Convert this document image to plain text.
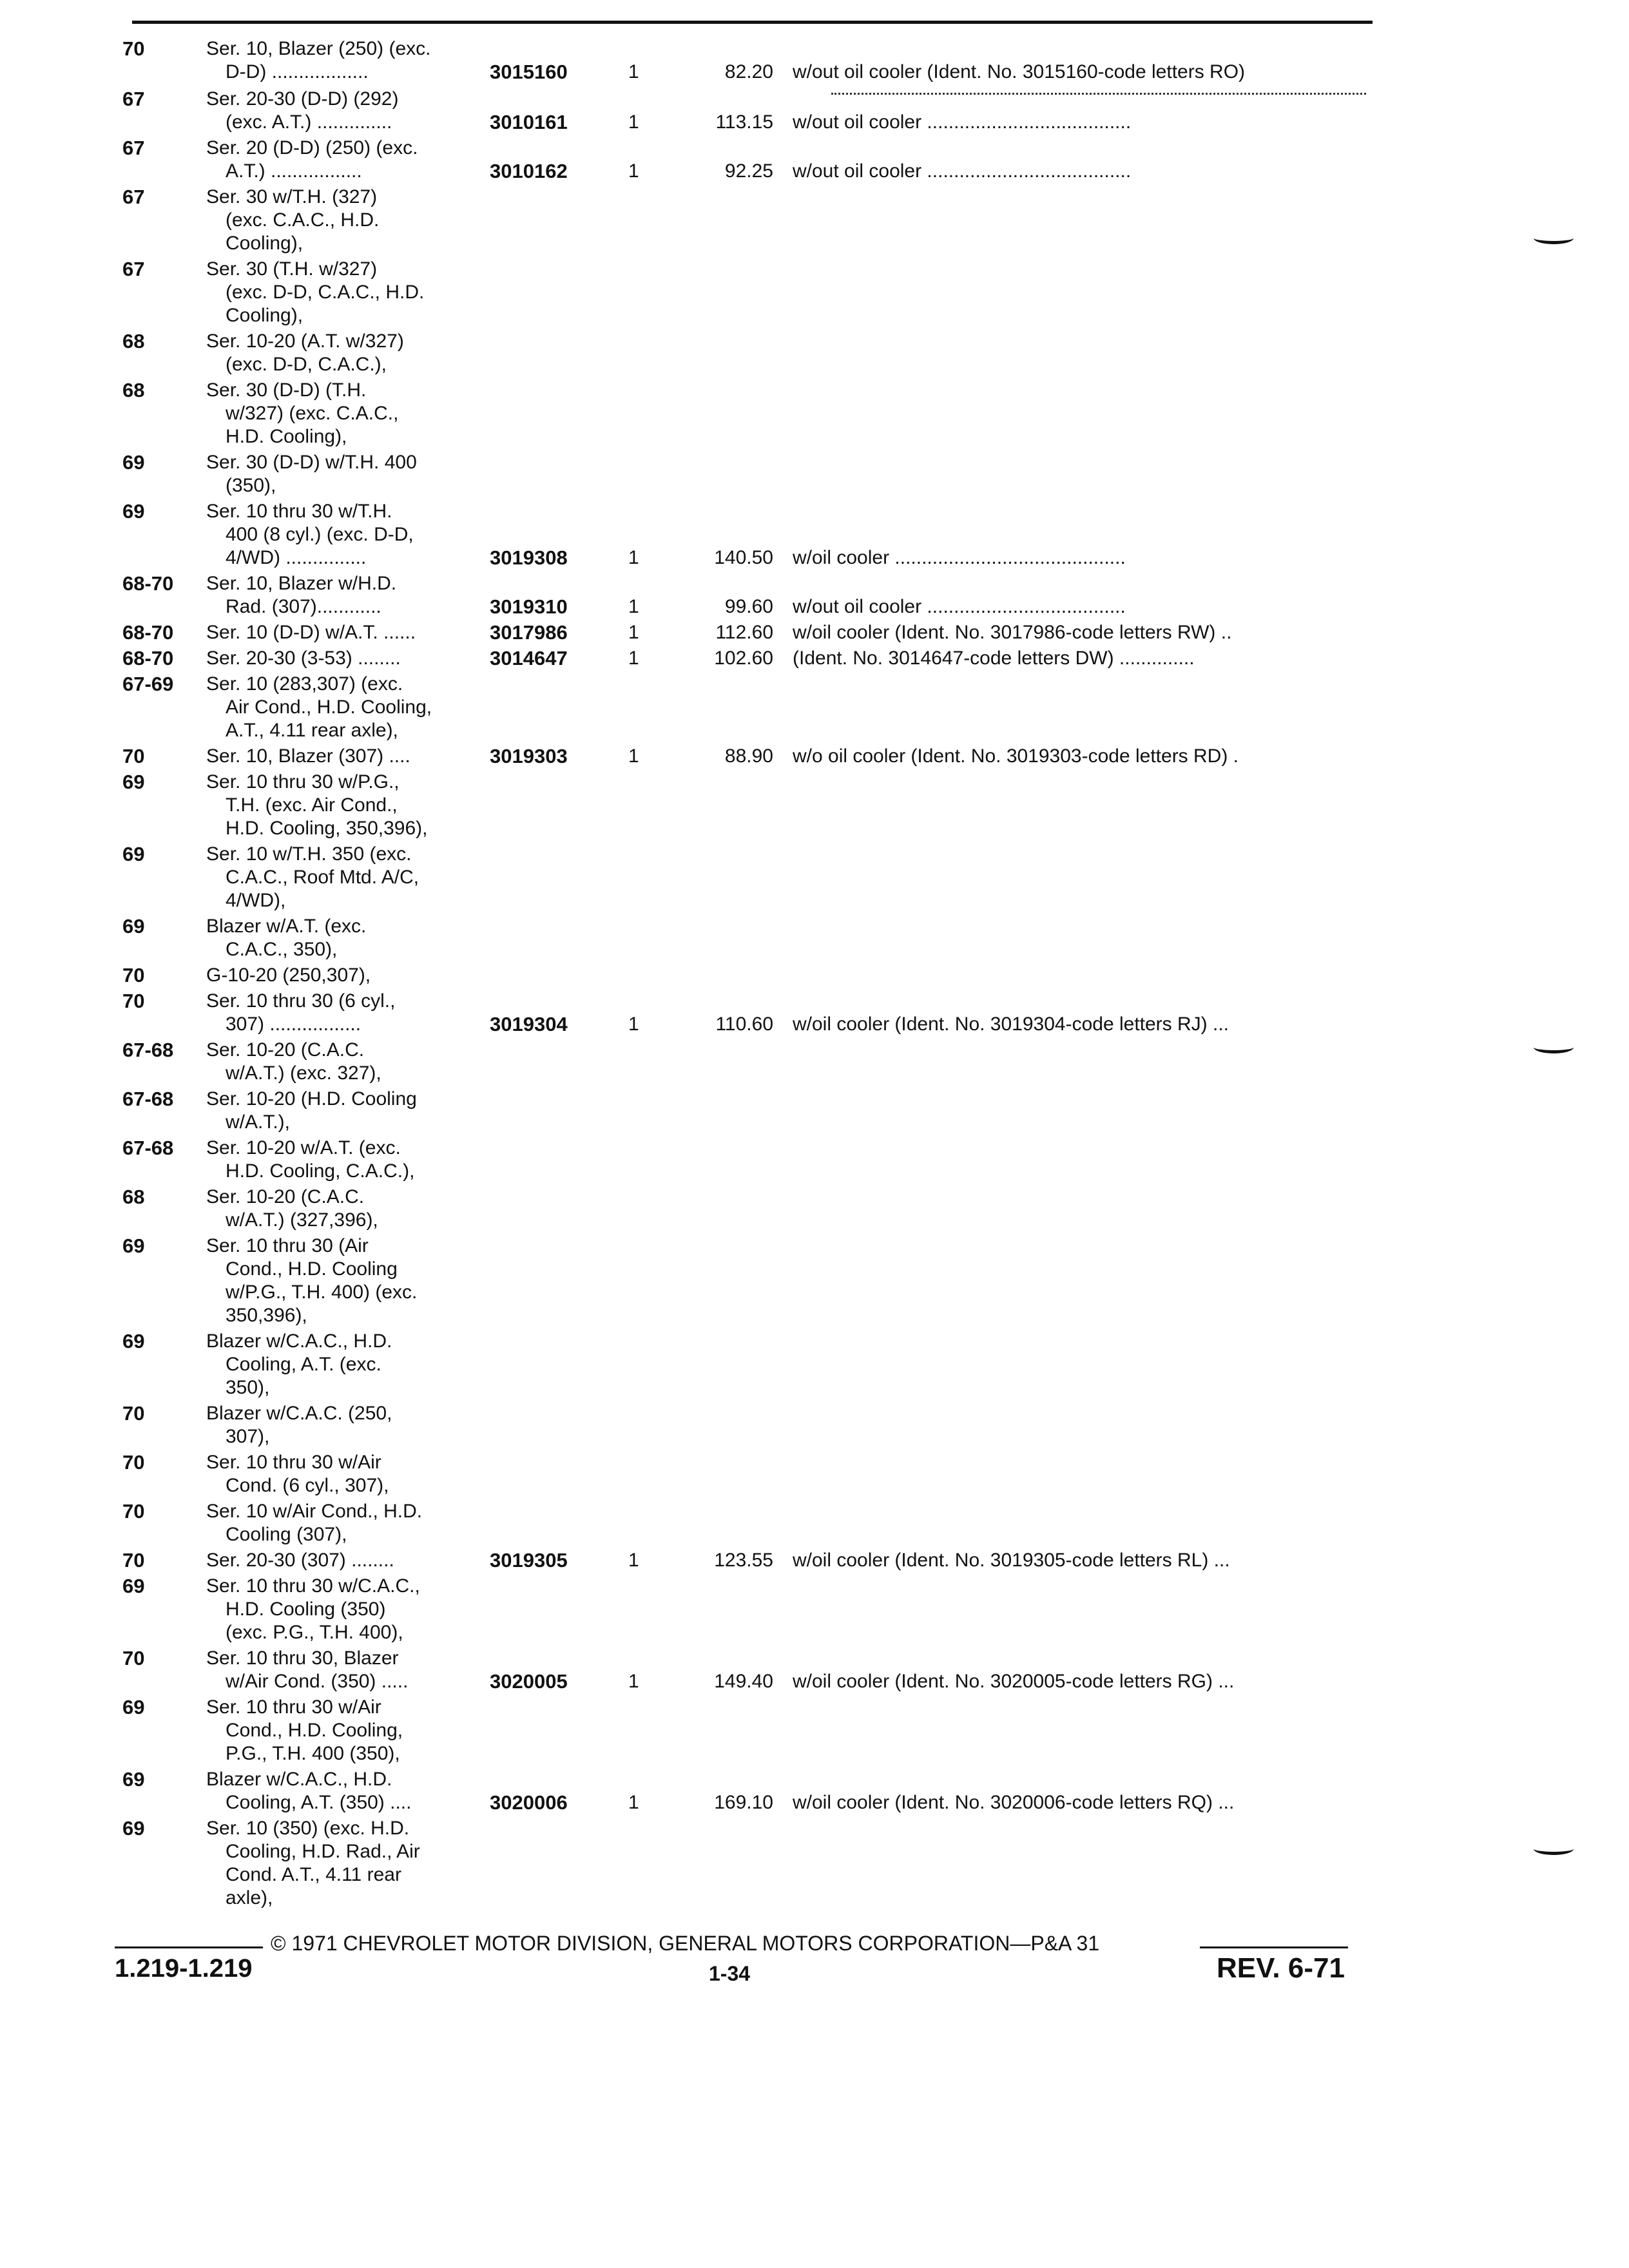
70	Ser. 10, Blazer (250) (exc.
D-D) ..................	3015160	1	82.20 w/out oil cooler (Ident. No. 3015160-code letters RO)
67	Ser. 20-30 (D-D) (292)
(exc. A.T.) ..............	3010161	1	113.15 w/out oil cooler ......................................
67	Ser. 20 (D-D) (250) (exc.
A.T.) .................	3010162	1	92.25 w/out oil cooler ......................................
67	Ser. 30 w/T.H. (327)
(exc. C.A.C., H.D.
Cooling),
67	Ser. 30 (T.H. w/327)
(exc. D-D, C.A.C., H.D.
Cooling),
68	Ser. 10-20 (A.T. w/327)
(exc. D-D, C.A.C.),
68	Ser. 30 (D-D) (T.H.
w/327) (exc. C.A.C.,
H.D. Cooling),
69	Ser. 30 (D-D) w/T.H. 400
(350),
69	Ser. 10 thru 30 w/T.H.
400 (8 cyl.) (exc. D-D,
4/WD) ...............	3019308	1	140.50 w/oil cooler ...........................................
68-70	Ser. 10, Blazer w/H.D.
Rad. (307)............	3019310	1	99.60 w/out oil cooler .....................................
68-70	Ser. 10 (D-D) w/A.T. ......	3017986	1	112.60 w/oil cooler (Ident. No. 3017986-code letters RW) ..
68-70	Ser. 20-30 (3-53) ........	3014647	1	102.60 (Ident. No. 3014647-code letters DW) ..............
67-69	Ser. 10 (283,307) (exc.
Air Cond., H.D. Cooling,
A.T., 4.11 rear axle),
70	Ser. 10, Blazer (307) ....	3019303	1	88.90 w/o oil cooler (Ident. No. 3019303-code letters RD) .
69	Ser. 10 thru 30 w/P.G.,
T.H. (exc. Air Cond.,
H.D. Cooling, 350,396),
69	Ser. 10 w/T.H. 350 (exc.
C.A.C., Roof Mtd. A/C,
4/WD),
69	Blazer w/A.T. (exc.
C.A.C., 350),
70	G-10-20 (250,307),
70	Ser. 10 thru 30 (6 cyl.,
307) .................	3019304	1	110.60 w/oil cooler (Ident. No. 3019304-code letters RJ) ...
67-68	Ser. 10-20 (C.A.C.
w/A.T.) (exc. 327),
67-68	Ser. 10-20 (H.D. Cooling
w/A.T.),
67-68	Ser. 10-20 w/A.T. (exc.
H.D. Cooling, C.A.C.),
68	Ser. 10-20 (C.A.C.
w/A.T.) (327,396),
69	Ser. 10 thru 30 (Air
Cond., H.D. Cooling
w/P.G., T.H. 400) (exc.
350,396),
69	Blazer w/C.A.C., H.D.
Cooling, A.T. (exc.
350),
70	Blazer w/C.A.C. (250,
307),
70	Ser. 10 thru 30 w/Air
Cond. (6 cyl., 307),
70	Ser. 10 w/Air Cond., H.D.
Cooling (307),
70	Ser. 20-30 (307) ........	3019305	1	123.55 w/oil cooler (Ident. No. 3019305-code letters RL) ...
69	Ser. 10 thru 30 w/C.A.C.,
H.D. Cooling (350)
(exc. P.G., T.H. 400),
70	Ser. 10 thru 30, Blazer
w/Air Cond. (350) .....	3020005	1	149.40 w/oil cooler (Ident. No. 3020005-code letters RG) ...
69	Ser. 10 thru 30 w/Air
Cond., H.D. Cooling,
P.G., T.H. 400 (350),
69	Blazer w/C.A.C., H.D.
Cooling, A.T. (350) ....	3020006	1	169.10 w/oil cooler (Ident. No. 3020006-code letters RQ) ...
69	Ser. 10 (350) (exc. H.D.
Cooling, H.D. Rad., Air
Cond. A.T., 4.11 rear
axle),
© 1971 CHEVROLET MOTOR DIVISION, GENERAL MOTORS CORPORATION—P&A 31
1.219-1.219	1-34	REV. 6-71
